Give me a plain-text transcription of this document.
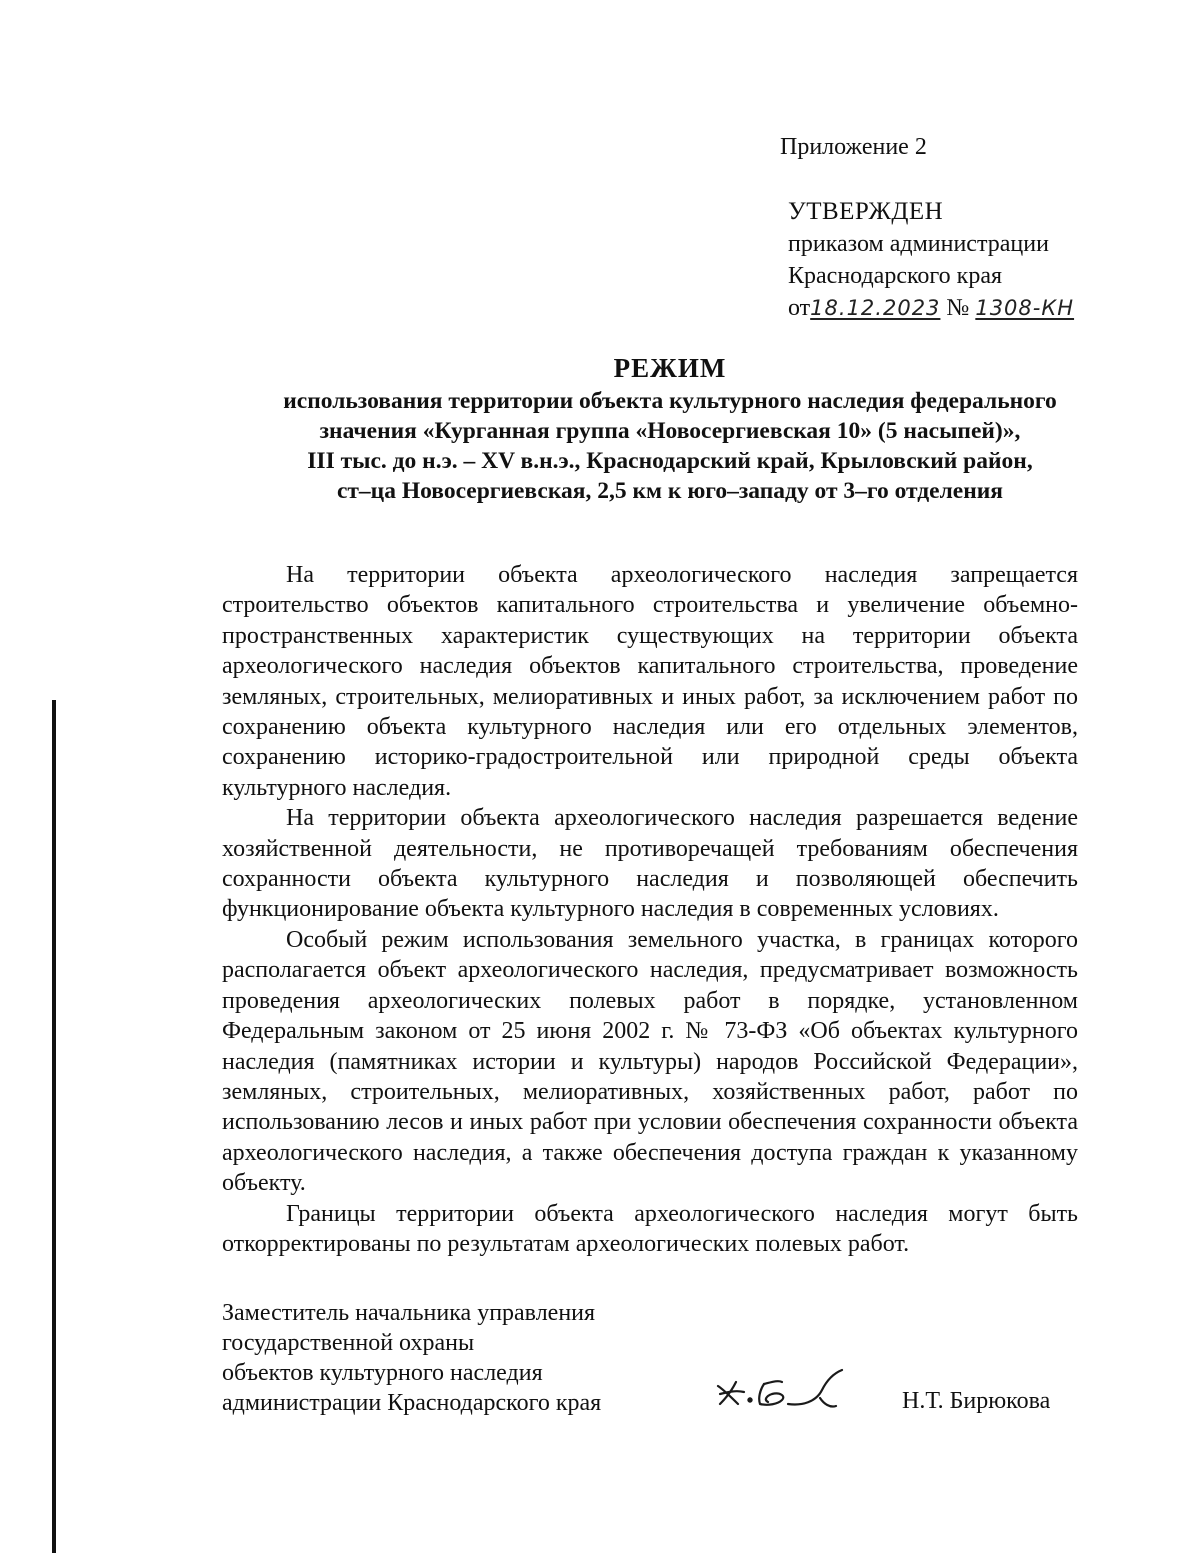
Приложение 2
УТВЕРЖДЕН
приказом администрации
Краснодарского края
от18.12.2023 № 1308-КН
РЕЖИМ
использования территории объекта культурного наследия федерального
значения «Курганная группа «Новосергиевская 10» (5 насыпей)»,
III тыс. до н.э. – XV в.н.э., Краснодарский край, Крыловский район,
ст–ца Новосергиевская, 2,5 км к юго–западу от 3–го отделения

На территории объекта археологического наследия запрещается строительство объектов капитального строительства и увеличение объемно-пространственных характеристик существующих на территории объекта археологического наследия объектов капитального строительства, проведение земляных, строительных, мелиоративных и иных работ, за исключением работ по сохранению объекта культурного наследия или его отдельных элементов, сохранению историко-градостроительной или природной среды объекта культурного наследия.

На территории объекта археологического наследия разрешается ведение хозяйственной деятельности, не противоречащей требованиям обеспечения сохранности объекта культурного наследия и позволяющей обеспечить функционирование объекта культурного наследия в современных условиях.

Особый режим использования земельного участка, в границах которого располагается объект археологического наследия, предусматривает возможность проведения археологических полевых работ в порядке, установленном Федеральным законом от 25 июня 2002 г. № 73-ФЗ «Об объектах культурного наследия (памятниках истории и культуры) народов Российской Федерации», земляных, строительных, мелиоративных, хозяйственных работ, работ по использованию лесов и иных работ при условии обеспечения сохранности объекта археологического наследия, а также обеспечения доступа граждан к указанному объекту.

Границы территории объекта археологического наследия могут быть откорректированы по результатам археологических полевых работ.

Заместитель начальника управления
государственной охраны
объектов культурного наследия
администрации Краснодарского края	Н.Т. Бирюкова
